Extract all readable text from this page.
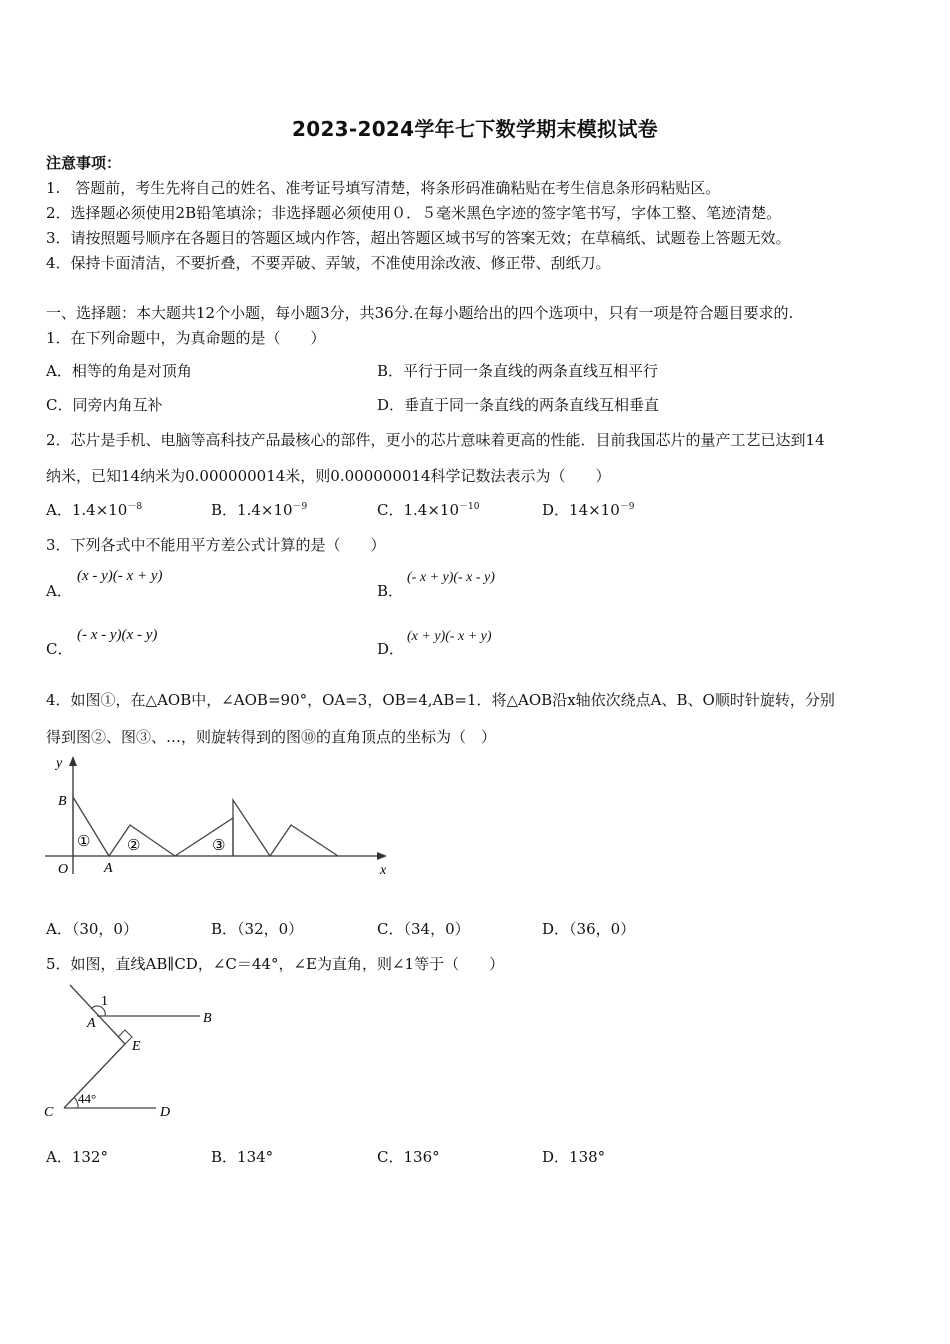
2023-2024学年七下数学期末模拟试卷
注意事项：
1.　答题前，考生先将自己的姓名、准考证号填写清楚，将条形码准确粘贴在考生信息条形码粘贴区。
2．选择题必须使用2B铅笔填涂；非选择题必须使用０．５毫米黑色字迹的签字笔书写，字体工整、笔迹清楚。
3．请按照题号顺序在各题目的答题区域内作答，超出答题区域书写的答案无效；在草稿纸、试题卷上答题无效。
4．保持卡面清洁，不要折叠，不要弄破、弄皱，不准使用涂改液、修正带、刮纸刀。
一、选择题：本大题共12个小题，每小题3分，共36分.在每小题给出的四个选项中，只有一项是符合题目要求的.
1．在下列命题中，为真命题的是（　　）
A．相等的角是对顶角	B．平行于同一条直线的两条直线互相平行
C．同旁内角互补	D．垂直于同一条直线的两条直线互相垂直
2．芯片是手机、电脑等高科技产品最核心的部件，更小的芯片意味着更高的性能．目前我国芯片的量产工艺已达到14
纳米，已知14纳米为0.000000014米，则0.000000014科学记数法表示为（　　）
A．$1.4\times 10^{-8}$	B．$1.4\times 10^{-9}$	C．$1.4\times 10^{-10}$	D．$14\times 10^{-9}$
3．下列各式中不能用平方差公式计算的是（　　）
A．
(x - y)(- x + y)
B．
(- x + y)(- x - y)
C．
(- x - y)(x - y)
D．
(x + y)(- x + y)
4．如图①，在△AOB中，∠AOB=90°，OA=3，OB=4,AB=1．将△AOB沿x轴依次绕点A、B、O顺时针旋转，分别
得到图②、图③、…，则旋转得到的图⑩的直角顶点的坐标为（　）
y
x
O
B
A
① ②	③
A．（30，0）	B．（32，0）	C．（34，0）	D．（36，0）
5．如图，直线AB∥CD，∠C＝44°，∠E为直角，则∠1等于（　　）
1
A	B
E
C	D
44°
A．132°	B．134°	C．136°	D．138°
